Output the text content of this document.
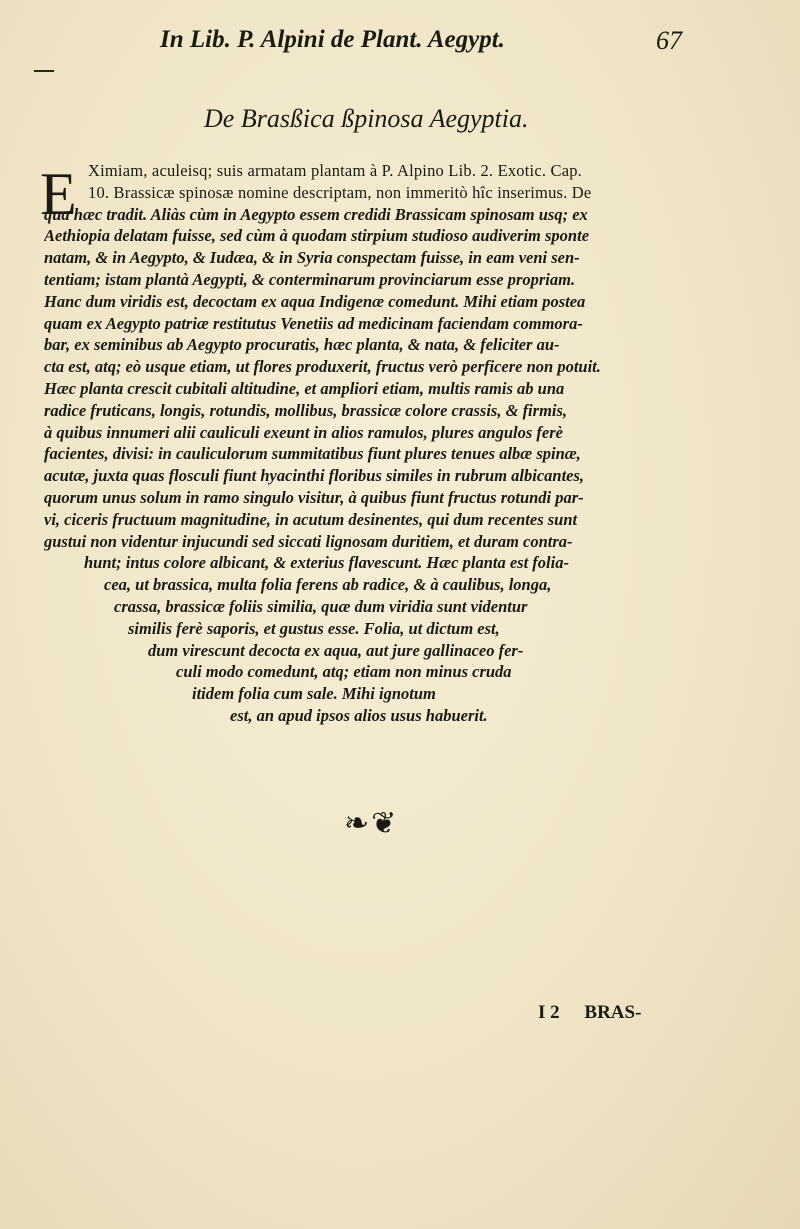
In Lib. P. Alpini de Plant. Aegypt.	67
De Brasßica ßpinosa Aegyptia.
E Ximiam, aculeisq; suis armatam plantam à P. Alpino Lib. 2. Exotic. Cap.
10. Brassicæ spinosæ nomine descriptam, non immeritò hîc inserimus. De
qua hæc tradit. Aliàs cùm in Aegypto essem credidi Brassicam spinosam usq; ex
Aethiopia delatam fuisse, sed cùm à quodam stirpium studioso audiverim sponte
natam, & in Aegypto, & Iudæa, & in Syria conspectam fuisse, in eam veni sen-
tentiam; istam plantà Aegypti, & conterminarum provinciarum esse propriam.
Hanc dum viridis est, decoctam ex aqua Indigenæ comedunt. Mihi etiam postea
quam ex Aegypto patriæ restitutus Venetiis ad medicinam faciendam commora-
bar, ex seminibus ab Aegypto procuratis, hæc planta, & nata, & feliciter au-
cta est, atq; eò usque etiam, ut flores produxerit, fructus verò perficere non potuit.
Hæc planta crescit cubitali altitudine, et ampliori etiam, multis ramis ab una
radice fruticans, longis, rotundis, mollibus, brassicæ colore crassis, & firmis,
à quibus innumeri alii cauliculi exeunt in alios ramulos, plures angulos ferè
facientes, divisi: in cauliculorum summitatibus fiunt plures tenues albæ spinæ,
acutæ, juxta quas flosculi fiunt hyacinthi floribus similes in rubrum albicantes,
quorum unus solum in ramo singulo visitur, à quibus fiunt fructus rotundi par-
vi, ciceris fructuum magnitudine, in acutum desinentes, qui dum recentes sunt
gustui non videntur injucundi sed siccati lignosam duritiem, et duram contra-
hunt; intus colore albicant, & exterius flavescunt. Hæc planta est folia-
cea, ut brassica, multa folia ferens ab radice, & à caulibus, longa,
crassa, brassicæ foliis similia, quæ dum viridia sunt videntur
similis ferè saporis, et gustus esse. Folia, ut dictum est,
dum virescunt decocta ex aqua, aut jure gallinaceo fer-
culi modo comedunt, atq; etiam non minus cruda
itidem folia cum sale. Mihi ignotum
est, an apud ipsos alios usus habuerit.
❧❦
I 2 BRAS-
